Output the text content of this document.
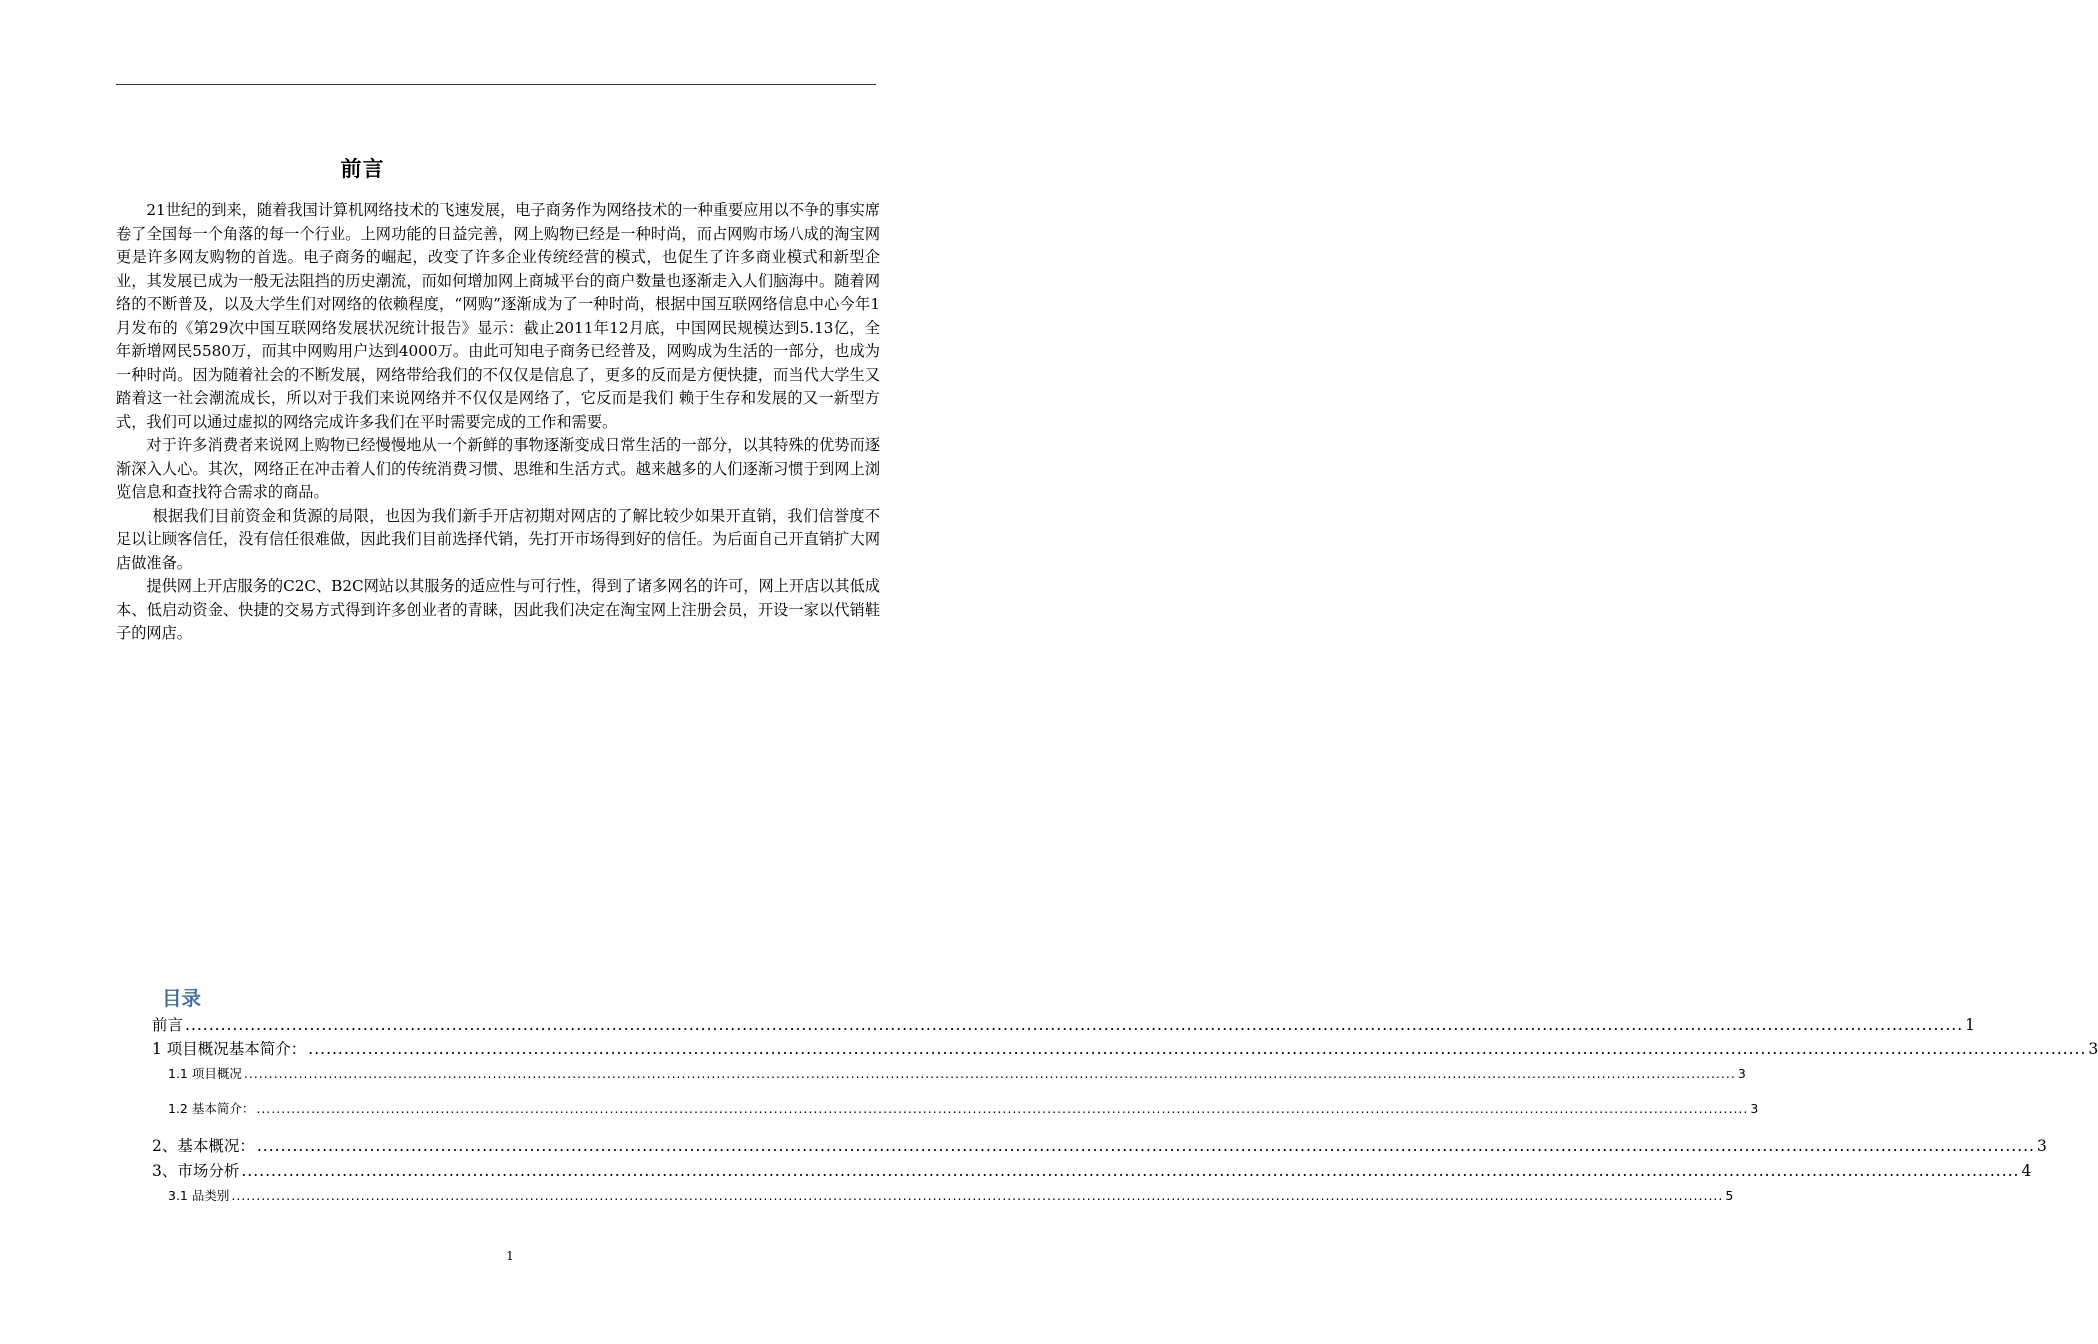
前言

21世纪的到来，随着我国计算机网络技术的飞速发展，电子商务作为网络技术的一种重要应用以不争的事实席卷了全国每一个角落的每一个行业。上网功能的日益完善，网上购物已经是一种时尚，而占网购市场八成的淘宝网更是许多网友购物的首选。电子商务的崛起，改变了许多企业传统经营的模式，也促生了许多商业模式和新型企业，其发展已成为一般无法阻挡的历史潮流，而如何增加网上商城平台的商户数量也逐渐走入人们脑海中。随着网络的不断普及，以及大学生们对网络的依赖程度，“网购”逐渐成为了一种时尚，根据中国互联网络信息中心今年1月发布的《第29次中国互联网络发展状况统计报告》显示：截止2011年12月底，中国网民规模达到5.13亿，全年新增网民5580万，而其中网购用户达到4000万。由此可知电子商务已经普及，网购成为生活的一部分，也成为一种时尚。因为随着社会的不断发展，网络带给我们的不仅仅是信息了，更多的反而是方便快捷，而当代大学生又踏着这一社会潮流成长，所以对于我们来说网络并不仅仅是网络了，它反而是我们 赖于生存和发展的又一新型方式，我们可以通过虚拟的网络完成许多我们在平时需要完成的工作和需要。

对于许多消费者来说网上购物已经慢慢地从一个新鲜的事物逐渐变成日常生活的一部分，以其特殊的优势而逐渐深入人心。其次，网络正在冲击着人们的传统消费习惯、思维和生活方式。越来越多的人们逐渐习惯于到网上浏览信息和查找符合需求的商品。

根据我们目前资金和货源的局限，也因为我们新手开店初期对网店的了解比较少如果开直销，我们信誉度不足以让顾客信任，没有信任很难做，因此我们目前选择代销，先打开市场得到好的信任。为后面自己开直销扩大网店做准备。

提供网上开店服务的C2C、B2C网站以其服务的适应性与可行性，得到了诸多网名的许可，网上开店以其低成本、低启动资金、快捷的交易方式得到许多创业者的青睐，因此我们决定在淘宝网上注册会员，开设一家以代销鞋子的网店。

目录
前言 ............................................................................................................................................................................................................................................................................................................ 1
1 项目概况基本简介： ............................................................................................................................................................................................................................................................................................................ 3
1.1 项目概况 ............................................................................................................................................................................................................................................................................................................ 3
1.2 基本简介： ............................................................................................................................................................................................................................................................................................................ 3
2、基本概况： ............................................................................................................................................................................................................................................................................................................ 3
3、市场分析 ............................................................................................................................................................................................................................................................................................................ 4
3.1 品类别 ............................................................................................................................................................................................................................................................................................................ 5
1
